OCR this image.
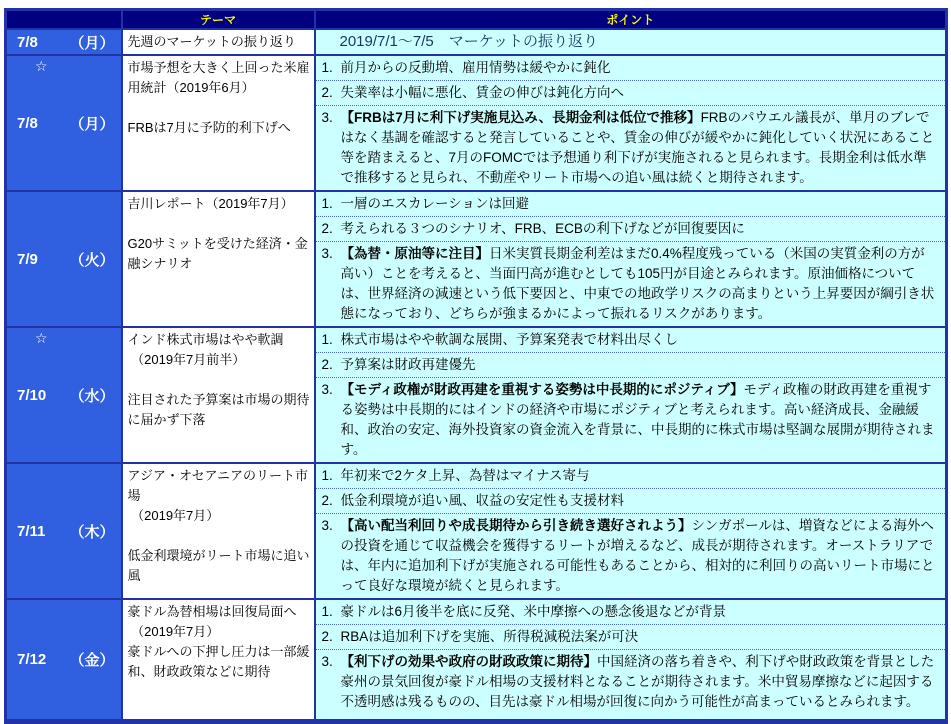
	テーマ	ポイント

7/8 （月）	先週のマーケットの振り返り	2019/7/1～7/5　マーケットの振り返り

☆
7/8	（月）

市場予想を大きく上回った米雇用統計（2019年6月）
FRBは7月に予防的利下げへ

1. 前月からの反動増、雇用情勢は緩やかに鈍化
2. 失業率は小幅に悪化、賃金の伸びは鈍化方向へ
3. 【FRBは7月に利下げ実施見込み、長期金利は低位で推移】FRBのパウエル議長が、単月のブレではなく基調を確認すると発言していることや、賃金の伸びが緩やかに鈍化していく状況にあること等を踏まえると、7月のFOMCでは予想通り利下げが実施されると見られます。長期金利は低水準で推移すると見られ、不動産やリート市場への追い風は続くと期待されます。

7/9	（火）

吉川レポート（2019年7月）
G20サミットを受けた経済・金融シナリオ

1. 一層のエスカレーションは回避
2. 考えられる３つのシナリオ、FRB、ECBの利下げなどが回復要因に
3. 【為替・原油等に注目】日米実質長期金利差はまだ0.4%程度残っている（米国の実質金利の方が高い）ことを考えると、当面円高が進むとしても105円が目途とみられます。原油価格については、世界経済の減速という低下要因と、中東での地政学リスクの高まりという上昇要因が綱引き状態になっており、どちらが強まるかによって振れるリスクがあります。

☆
7/10	（水）

インド株式市場はやや軟調
（2019年7月前半）
注目された予算案は市場の期待に届かず下落

1. 株式市場はやや軟調な展開、予算案発表で材料出尽くし
2. 予算案は財政再建優先
3. 【モディ政権が財政再建を重視する姿勢は中長期的にポジティブ】モディ政権の財政再建を重視する姿勢は中長期的にはインドの経済や市場にポジティブと考えられます。高い経済成長、金融緩和、政治の安定、海外投資家の資金流入を背景に、中長期的に株式市場は堅調な展開が期待されます。

7/11	（木）

アジア・オセアニアのリート市場
（2019年7月）
低金利環境がリート市場に追い風

1. 年初来で2ケタ上昇、為替はマイナス寄与
2. 低金利環境が追い風、収益の安定性も支援材料
3. 【高い配当利回りや成長期待から引き続き選好されよう】シンガポールは、増資などによる海外への投資を通じて収益機会を獲得するリートが増えるなど、成長が期待されます。オーストラリアでは、年内に追加利下げが実施される可能性もあることから、相対的に利回りの高いリート市場にとって良好な環境が続くと見られます。

7/12	（金）

豪ドル為替相場は回復局面へ
（2019年7月）
豪ドルへの下押し圧力は一部緩和、財政政策などに期待

1. 豪ドルは6月後半を底に反発、米中摩擦への懸念後退などが背景
2. RBAは追加利下げを実施、所得税減税法案が可決
3. 【利下げの効果や政府の財政政策に期待】中国経済の落ち着きや、利下げや財政政策を背景とした豪州の景気回復が豪ドル相場の支援材料となることが期待されます。米中貿易摩擦などに起因する不透明感は残るものの、目先は豪ドル相場が回復に向かう可能性が高まっているとみられます。
